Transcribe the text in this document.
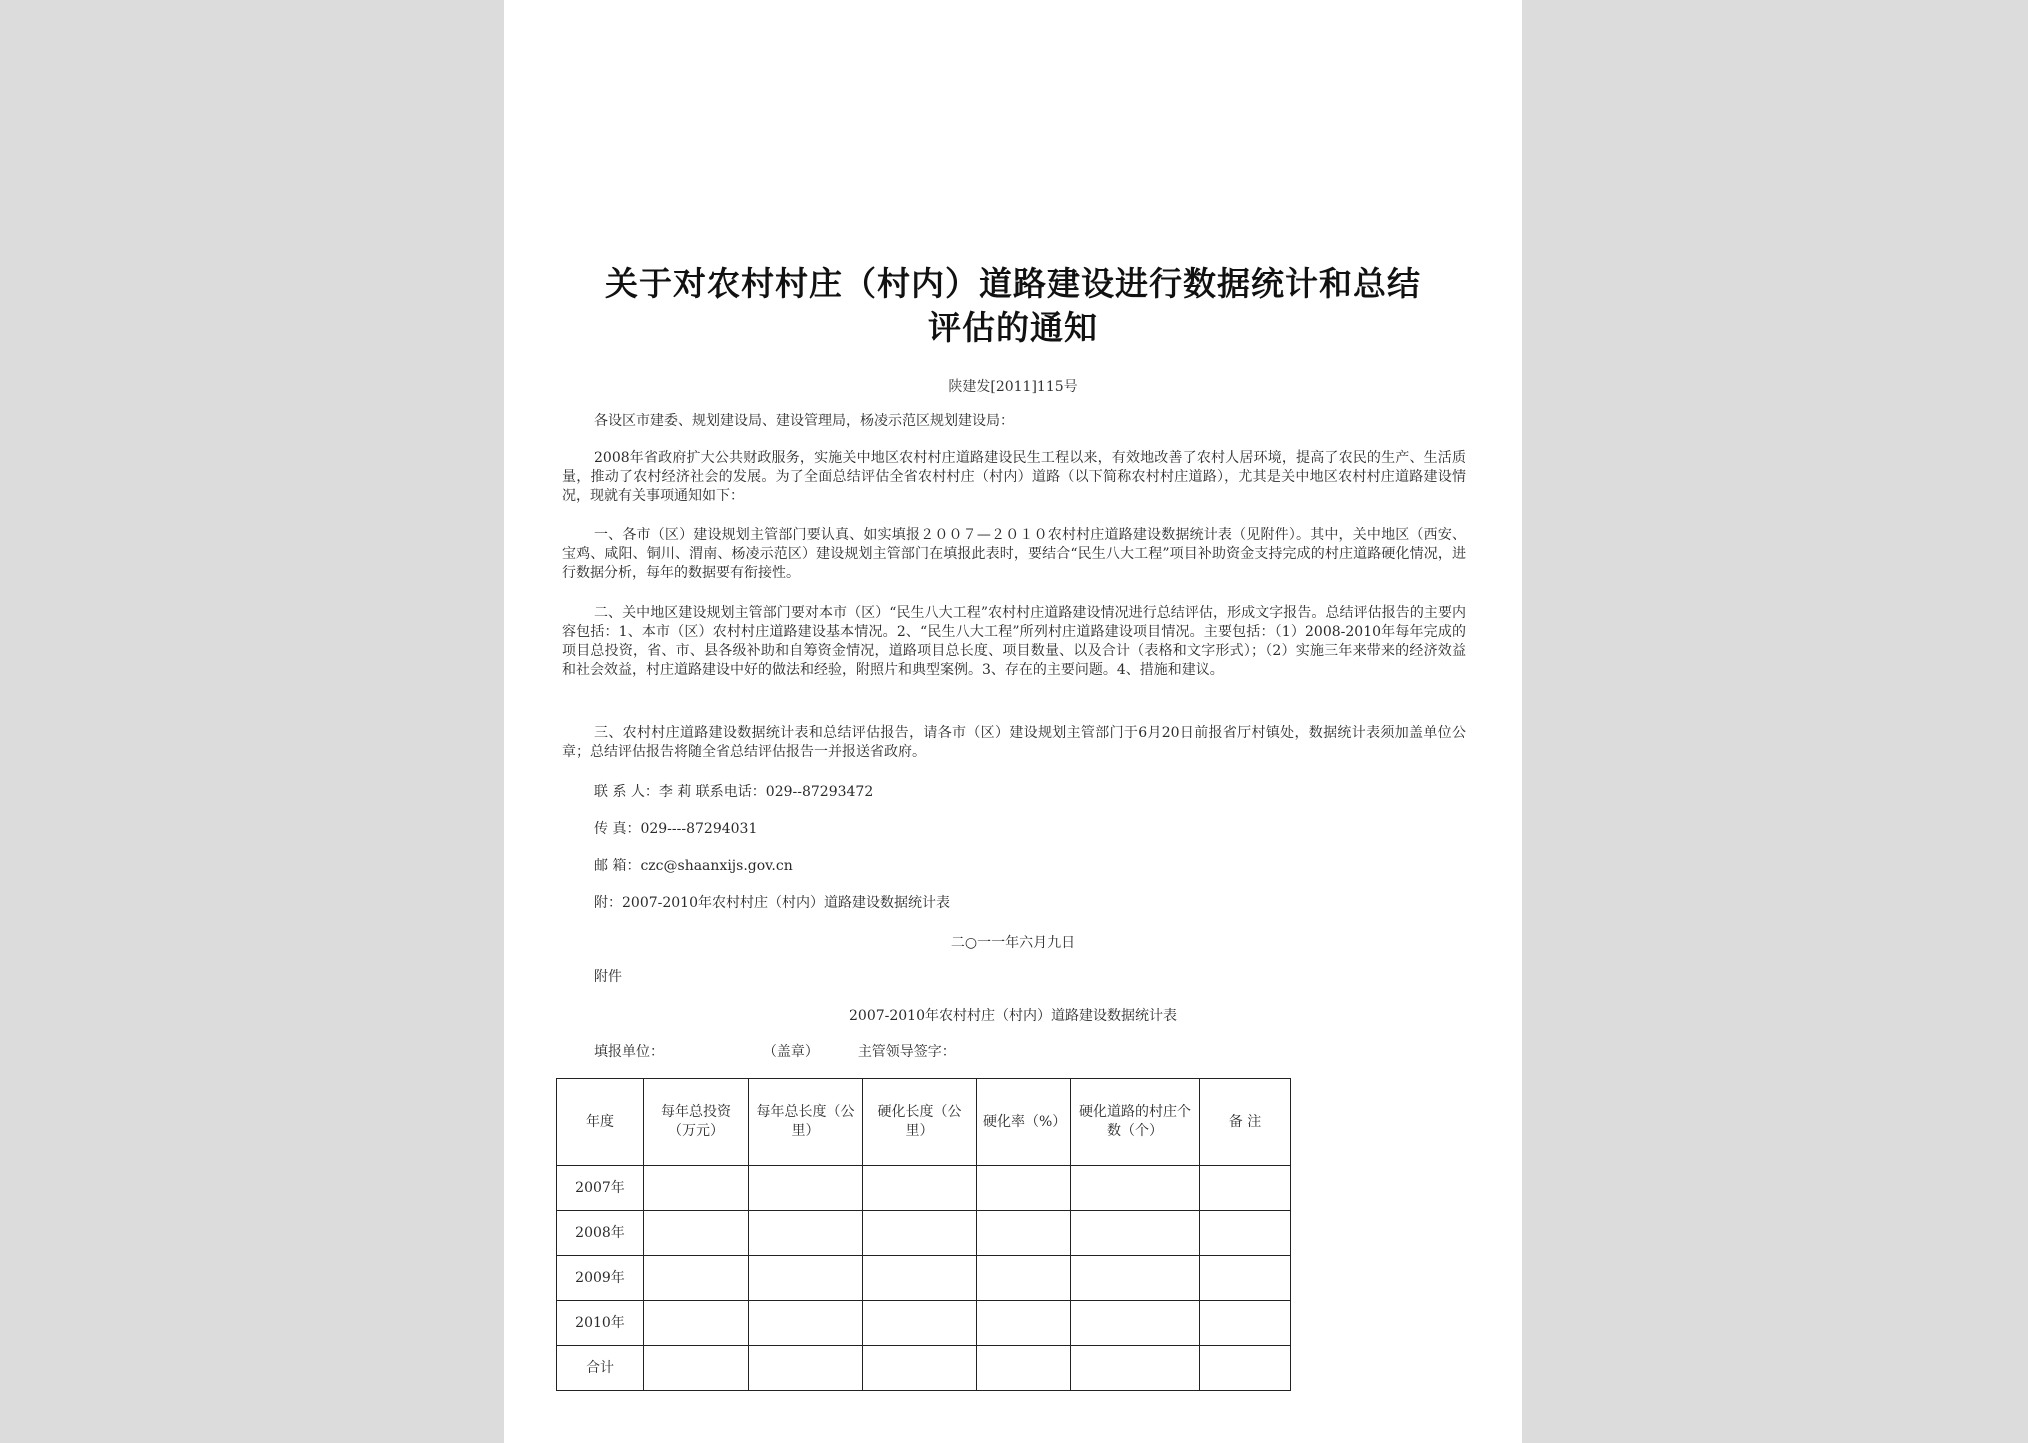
关于对农村村庄（村内）道路建设进行数据统计和总结
评估的通知
陕建发[2011]115号
各设区市建委、规划建设局、建设管理局，杨凌示范区规划建设局：

2008年省政府扩大公共财政服务，实施关中地区农村村庄道路建设民生工程以来，有效地改善了农村人居环境，提高了农民的生产、生活质量，推动了农村经济社会的发展。为了全面总结评估全省农村村庄（村内）道路（以下简称农村村庄道路），尤其是关中地区农村村庄道路建设情况，现就有关事项通知如下：

一、各市（区）建设规划主管部门要认真、如实填报２００７—２０１０农村村庄道路建设数据统计表（见附件）。其中，关中地区（西安、宝鸡、咸阳、铜川、渭南、杨凌示范区）建设规划主管部门在填报此表时，要结合“民生八大工程”项目补助资金支持完成的村庄道路硬化情况，进行数据分析，每年的数据要有衔接性。

二、关中地区建设规划主管部门要对本市（区）“民生八大工程”农村村庄道路建设情况进行总结评估，形成文字报告。总结评估报告的主要内容包括：1、本市（区）农村村庄道路建设基本情况。2、“民生八大工程”所列村庄道路建设项目情况。主要包括：（1）2008-2010年每年完成的项目总投资，省、市、县各级补助和自筹资金情况，道路项目总长度、项目数量、以及合计（表格和文字形式）；（2）实施三年来带来的经济效益和社会效益，村庄道路建设中好的做法和经验，附照片和典型案例。3、存在的主要问题。4、措施和建议。

三、农村村庄道路建设数据统计表和总结评估报告，请各市（区）建设规划主管部门于6月20日前报省厅村镇处，数据统计表须加盖单位公章；总结评估报告将随全省总结评估报告一并报送省政府。

联 系 人：李 莉 联系电话：029--87293472
传 真：029----87294031
邮 箱：czc@shaanxijs.gov.cn
附：2007-2010年农村村庄（村内）道路建设数据统计表
二○一一年六月九日
附件
2007-2010年农村村庄（村内）道路建设数据统计表
填报单位：	（盖章）	主管领导签字：
年度	每年总投资（万元）	每年总长度（公里）	硬化长度（公里）	硬化率（%）	硬化道路的村庄个数（个）	备 注
2007年						
2008年						
2009年						
2010年						
合计						
